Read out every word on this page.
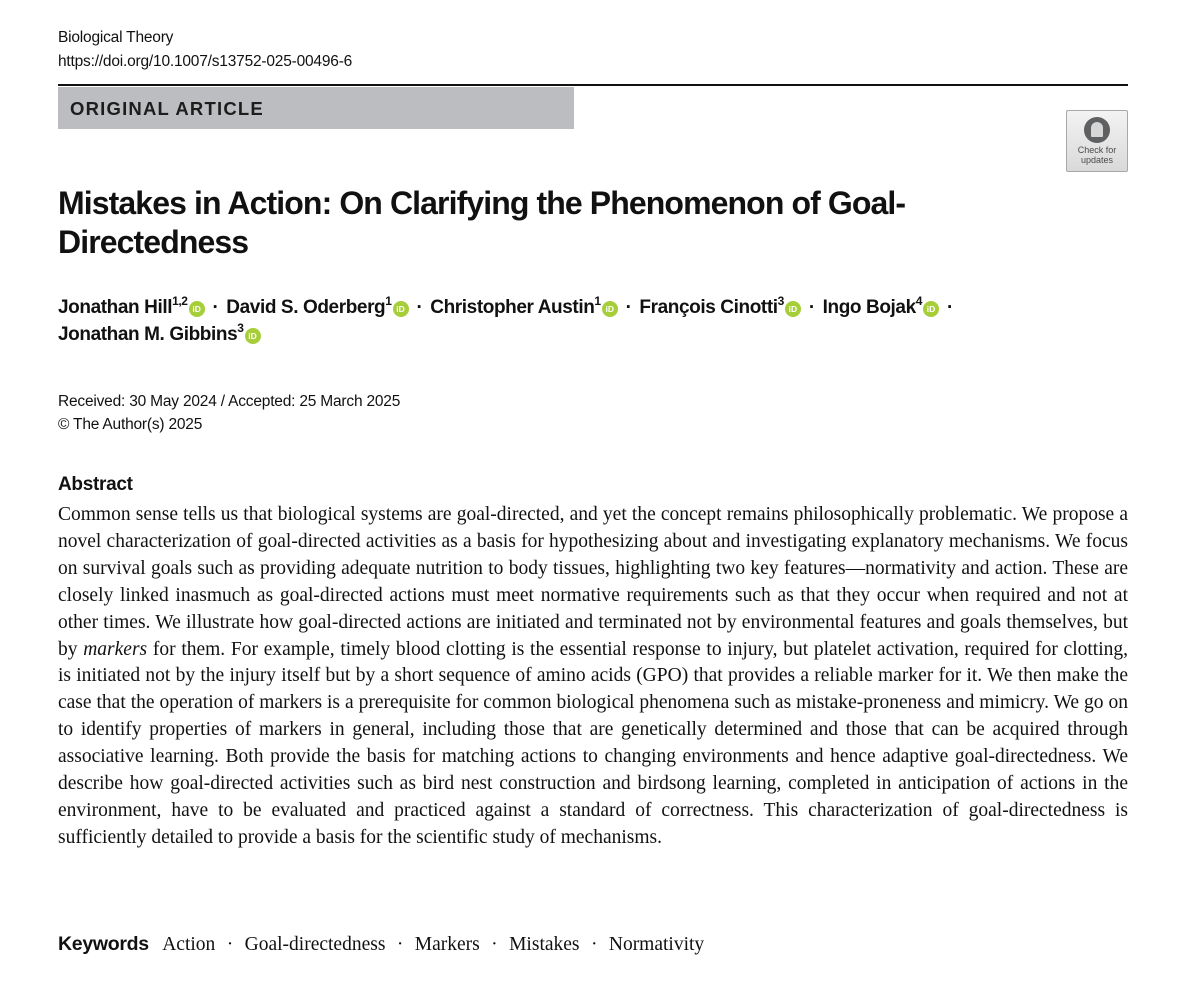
Biological Theory
https://doi.org/10.1007/s13752-025-00496-6
ORIGINAL ARTICLE
Check for
updates
Mistakes in Action: On Clarifying the Phenomenon of Goal-Directedness
Jonathan Hill$^{1,2}$iD · David S. Oderberg$^1$iD · Christopher Austin$^1$iD · François Cinotti$^3$iD · Ingo Bojak$^4$iD ·
Jonathan M. Gibbins$^3$iD
Received: 30 May 2024 / Accepted: 25 March 2025
© The Author(s) 2025
Abstract

Common sense tells us that biological systems are goal-directed, and yet the concept remains philosophically problematic. We propose a novel characterization of goal-directed activities as a basis for hypothesizing about and investigating explanatory mechanisms. We focus on survival goals such as providing adequate nutrition to body tissues, highlighting two key features—normativity and action. These are closely linked inasmuch as goal-directed actions must meet normative requirements such as that they occur when required and not at other times. We illustrate how goal-directed actions are initiated and terminated not by environmental features and goals themselves, but by markers for them. For example, timely blood clotting is the essential response to injury, but platelet activation, required for clotting, is initiated not by the injury itself but by a short sequence of amino acids (GPO) that provides a reliable marker for it. We then make the case that the operation of markers is a prerequisite for common biological phenomena such as mistake-proneness and mimicry. We go on to identify properties of markers in general, including those that are genetically determined and those that can be acquired through associative learning. Both provide the basis for matching actions to changing environments and hence adaptive goal-directedness. We describe how goal-directed activities such as bird nest construction and birdsong learning, completed in anticipation of actions in the environment, have to be evaluated and practiced against a standard of correctness. This characterization of goal-directedness is sufficiently detailed to provide a basis for the scientific study of mechanisms.

Keywords Action · Goal-directedness · Markers · Mistakes · Normativity
